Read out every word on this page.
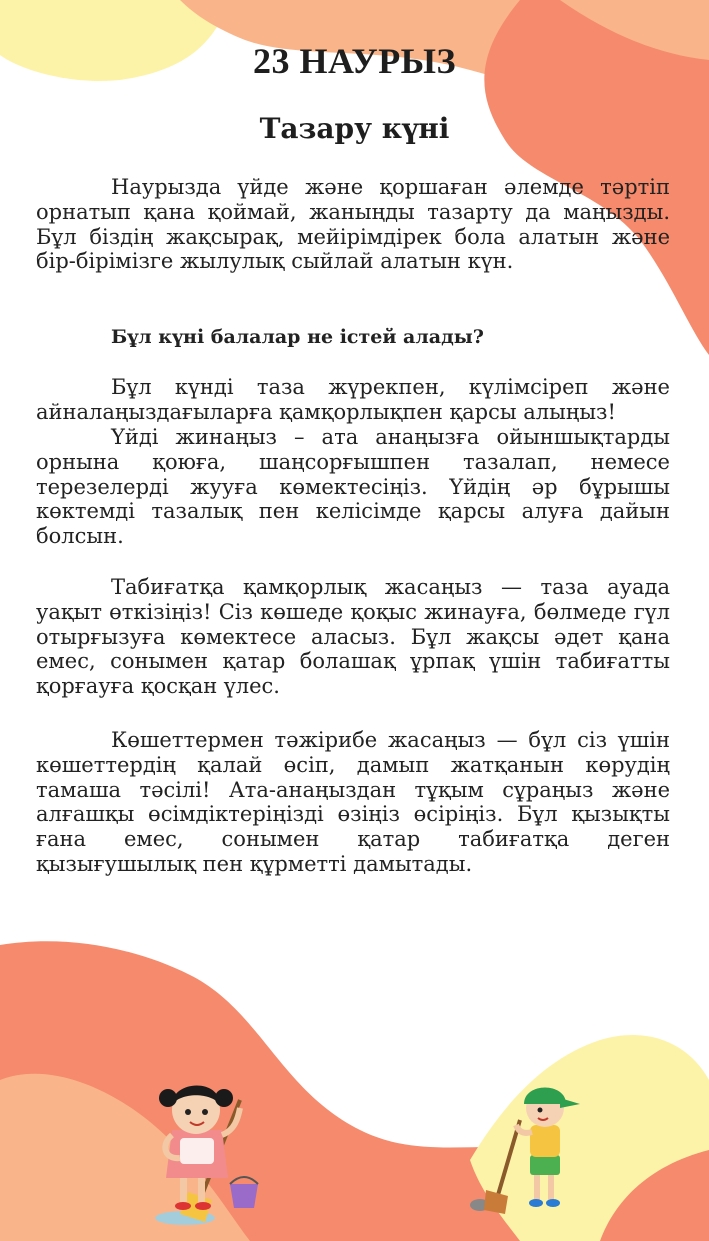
23 НАУРЫЗ
Тазару күні

Наурызда үйде және қоршаған әлемде тәртіп орнатып қана қоймай, жаныңды тазарту да маңызды. Бұл біздің жақсырақ, мейірімдірек бола алатын және бір-бірімізге жылулық сыйлай алатын күн.

Бұл күні балалар не істей алады?

Бұл күнді таза жүрекпен, күлімсіреп және айналаңыздағыларға қамқорлықпен қарсы алыңыз!

Үйді жинаңыз – ата анаңызға ойыншықтарды орнына қоюға, шаңсорғышпен тазалап, немесе терезелерді жууға көмектесіңіз. Үйдің әр бұрышы көктемді тазалық пен келісімде қарсы алуға дайын болсын.

Табиғатқа қамқорлық жасаңыз — таза ауада уақыт өткізіңіз! Сіз көшеде қоқыс жинауға, бөлмеде гүл отырғызуға көмектесе аласыз. Бұл жақсы әдет қана емес, сонымен қатар болашақ ұрпақ үшін табиғатты қорғауға қосқан үлес.

Көшеттермен тәжірибе жасаңыз — бұл сіз үшін көшеттердің қалай өсіп, дамып жатқанын көрудің тамаша тәсілі! Ата-анаңыздан тұқым сұраңыз және алғашқы өсімдіктеріңізді өзіңіз өсіріңіз. Бұл қызықты ғана емес, сонымен қатар табиғатқа деген қызығушылық пен құрметті дамытады.
